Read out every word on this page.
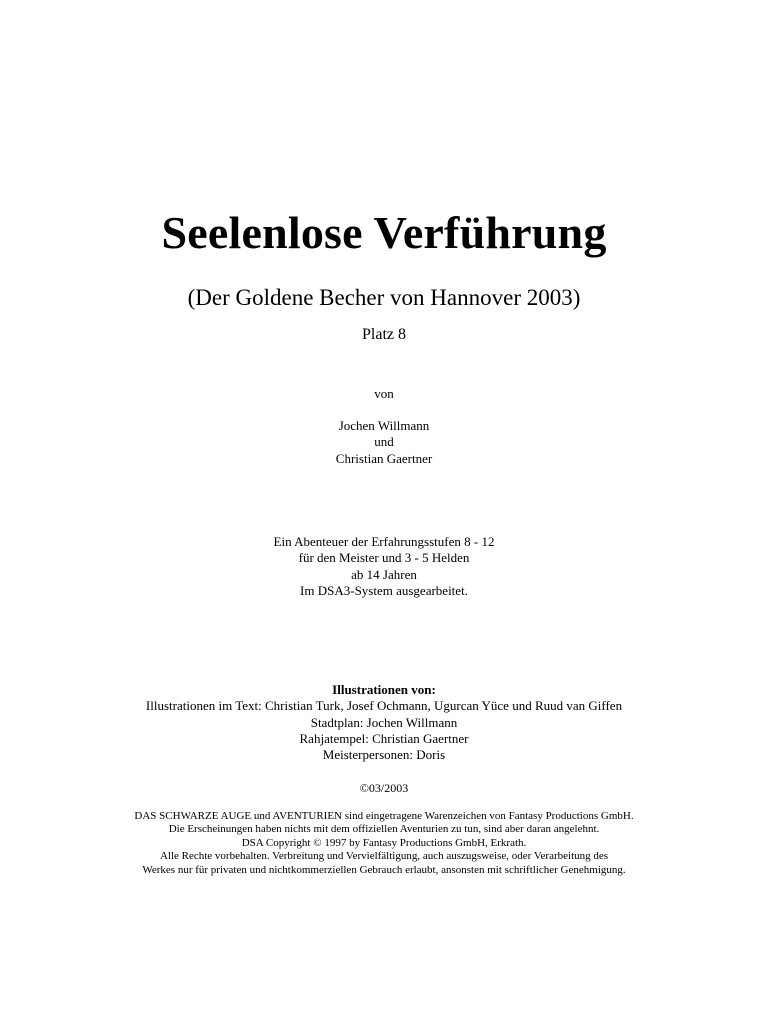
Seelenlose Verführung
(Der Goldene Becher von Hannover 2003)
Platz 8
von
Jochen Willmann
und
Christian Gaertner
Ein Abenteuer der Erfahrungsstufen 8 - 12
für den Meister und 3 - 5 Helden
ab 14 Jahren
Im DSA3-System ausgearbeitet.
Illustrationen von:
Illustrationen im Text: Christian Turk, Josef Ochmann, Ugurcan Yüce und Ruud van Giffen
Stadtplan: Jochen Willmann
Rahjatempel: Christian Gaertner
Meisterpersonen: Doris
©03/2003
DAS SCHWARZE AUGE und AVENTURIEN sind eingetragene Warenzeichen von Fantasy Productions GmbH.
Die Erscheinungen haben nichts mit dem offiziellen Aventurien zu tun, sind aber daran angelehnt.
DSA Copyright © 1997 by Fantasy Productions GmbH, Erkrath.
Alle Rechte vorbehalten. Verbreitung und Vervielfältigung, auch auszugsweise, oder Verarbeitung des
Werkes nur für privaten und nichtkommerziellen Gebrauch erlaubt, ansonsten mit schriftlicher Genehmigung.
